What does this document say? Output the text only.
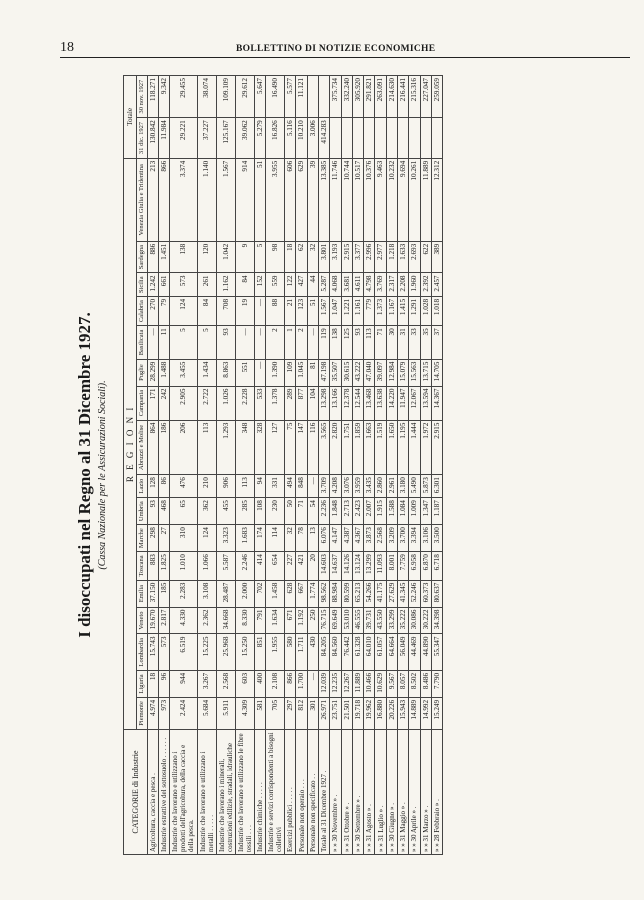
18	BOLLETTINO DI NOTIZIE ECONOMICHE
I disoccupati nel Regno al 31 Dicembre 1927. (Cassa Nazionale per le Assicurazioni Sociali).
CATEGORIE di Industrie	R E G I O N I																	Totale	
	Piemonte	Liguria	Lombardia	Veneto	Emilia	Toscana	Marche	Umbria	Lazio	Abruzzi e Molise	Campania	Puglie	Basilicata	Calabria	Sicilia	Sardegna	Venezia Giulia e Tridentina	31 dic. 1927	30 nov. 1927
Agricoltura, caccia e pesca .	4.974	18	15.743	19.670	37.150	883	298	93	128	864	171	28.299	—	270	1.242	886	213	130.842	118.271
Industrie estrattive del sottosuolo . . . . . .	973	96	573	2.817	185	1.825	27	468	86	186	242	1.488	11	79	661	1.451	866	11.984	9.342
Industrie che lavorano e utilizzano i prodotti dell'agricoltura, della caccia e della pesca.	2.424	944	6.519	4.330	2.283	1.010	310	65	476	206	2.905	3.455	5	124	573	138	3.374	29.221	29.455
Industrie che lavorano e utilizzano i metalli . . . . .	5.684	3.267	15.225	2.362	3.108	1.066	124	362	210	113	2.722	1.434	5	84	261	120	1.140	37.227	38.074
Industrie che lavorano i minerali, costruzioni edilizie, stradali, idrauliche	5.911	2.568	25.968	34.668	28.487	5.587	3.323	455	906	1.293	1.026	8.863	93	708	1.162	1.042	1.567	125.167	109.109
Industrie che lavorano e utilizzano le fibre tessili . . .	4.309	603	15.250	8.330	2.000	2.246	1.683	285	113	348	2.228	551	—	19	84	9	914	39.062	29.612
Industrie chimiche . . . . .	581	400	851	791	702	414	174	108	94	328	533	—	—	—	152	5	51	5.279	5.647
Industrie e servizi corrispondenti a bisogni collettivi	705	2.108	1.955	1.634	1.458	654	114	230	331	127	1.378	1.390	2	88	559	98	3.955	16.826	16.490
Esercizi pubblici . . . . .	297	866	580	671	628	227	32	50	494	75	289	109	1	21	122	18	606	5.116	5.577
Personale non operaio . . .	812	1.700	1.711	1.192	667	421	78	71	848	147	877	1.045	2	123	427	62	629	10.210	11.121
Personale non specificato . .	301	—	430	250	1.774	20	13	54	—	116	104	81	—	51	44	32	39	3.006	
Totale al 31 Dicembre 1927 .	26.971	12.039	84.205	76.715	98.562	14.603	6.076	2.236	3.709	3.565	13.298	47.198	119	1.567	5.287	3.801	13.385	414.283	
» » 30 Novembre » .	23.751	12.235	84.560	69.649	88.984	14.637	4.147	1.848	4.208	2.820	13.166	35.507	138	1.047	4.068	3.193	11.746		375.734
» » 31 Ottobre » .	21.501	12.267	76.442	53.010	80.599	14.126	4.387	2.713	3.076	1.751	12.378	30.615	125	1.221	3.681	2.915	10.744		332.240
» » 30 Settembre » .	19.718	11.889	61.328	46.555	65.213	13.124	4.367	2.423	3.959	1.859	12.544	43.222	93	1.161	4.611	3.377	10.517		305.920
» » 31 Agosto » .	19.962	10.466	64.010	39.731	54.266	13.299	3.873	2.007	3.435	1.663	13.468	47.040	113	779	4.798	2.996	10.376		291.821
» » 31 Luglio » .	16.880	10.629	61.057	43.550	41.175	11.093	2.568	1.915	2.860	1.519	13.638	39.097	71	1.373	3.769	2.977	9.463		263.091
» » 30 Giugno » .	20.226	9.567	64.664	33.299	27.629	8.001	3.209	1.588	2.961	1.650	14.220	12.984	30	1.167	2.317	1.218	10.232		214.630
» » 31 Maggio » .	15.943	8.057	56.049	35.222	41.345	7.759	3.700	1.084	3.180	1.195	11.947	15.079	31	1.415	2.208	1.633	9.694		216.441
» » 30 Aprile » .	14.889	8.502	44.469	30.086	52.246	6.958	3.394	1.009	5.490	1.444	12.067	15.563	33	1.291	1.960	2.693	10.261		215.316
» » 31 Marzo » .	14.992	8.486	44.890	30.222	60.373	6.870	3.106	1.347	5.873	1.972	13.594	13.715	35	1.028	2.392	622	11.889		227.047
» » 28 Febbraio » .	15.249	7.790	55.347	34.398	80.637	6.718	3.500	1.187	6.301	2.915	14.367	14.705	37	1.018	2.457	389	12.312		259.059
